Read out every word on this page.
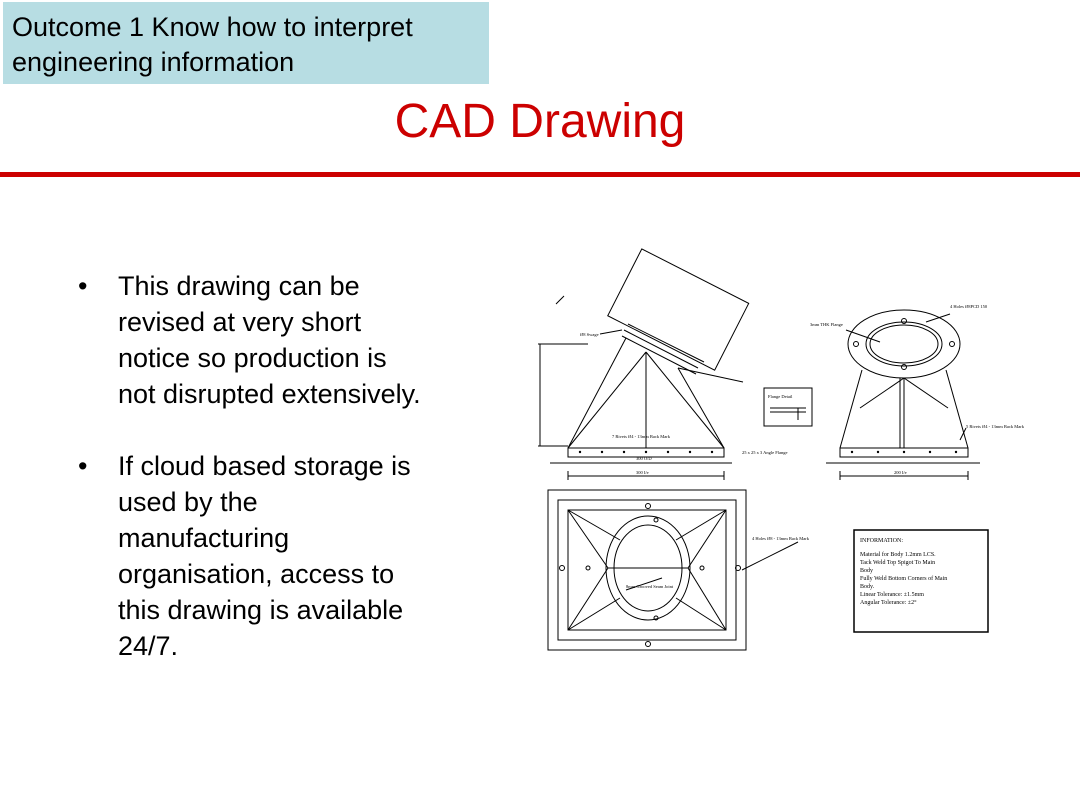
Outcome 1 Know how to interpret
engineering information
CAD Drawing
• This drawing can be
revised at very short
notice so production is
not disrupted extensively.
• If cloud based storage is
used by the
manufacturing
organisation, access to
this drawing is available
24/7.
4 Holes Ø8PCD 150
3mm THK Flange
Ø8 Swage
Flange Detail
7 Rivets Ø4 - 13mm Back Mark
25 x 25 x 3 Angle Flange
5 Rivets Ø4 - 13mm Back Mark
4 Holes Ø8 - 13mm Back Mark
8mm Grooved Seam Joint
300 I/e	200 I/e
300 O/D
INFORMATION:
Material for Body 1.2mm LCS.
Tack Weld Top Spigot To Main
Body
Fully Weld Bottom Corners of Main
Body.
Linear Tolerance: ±1.5mm
Angular Tolerance: ±2°
